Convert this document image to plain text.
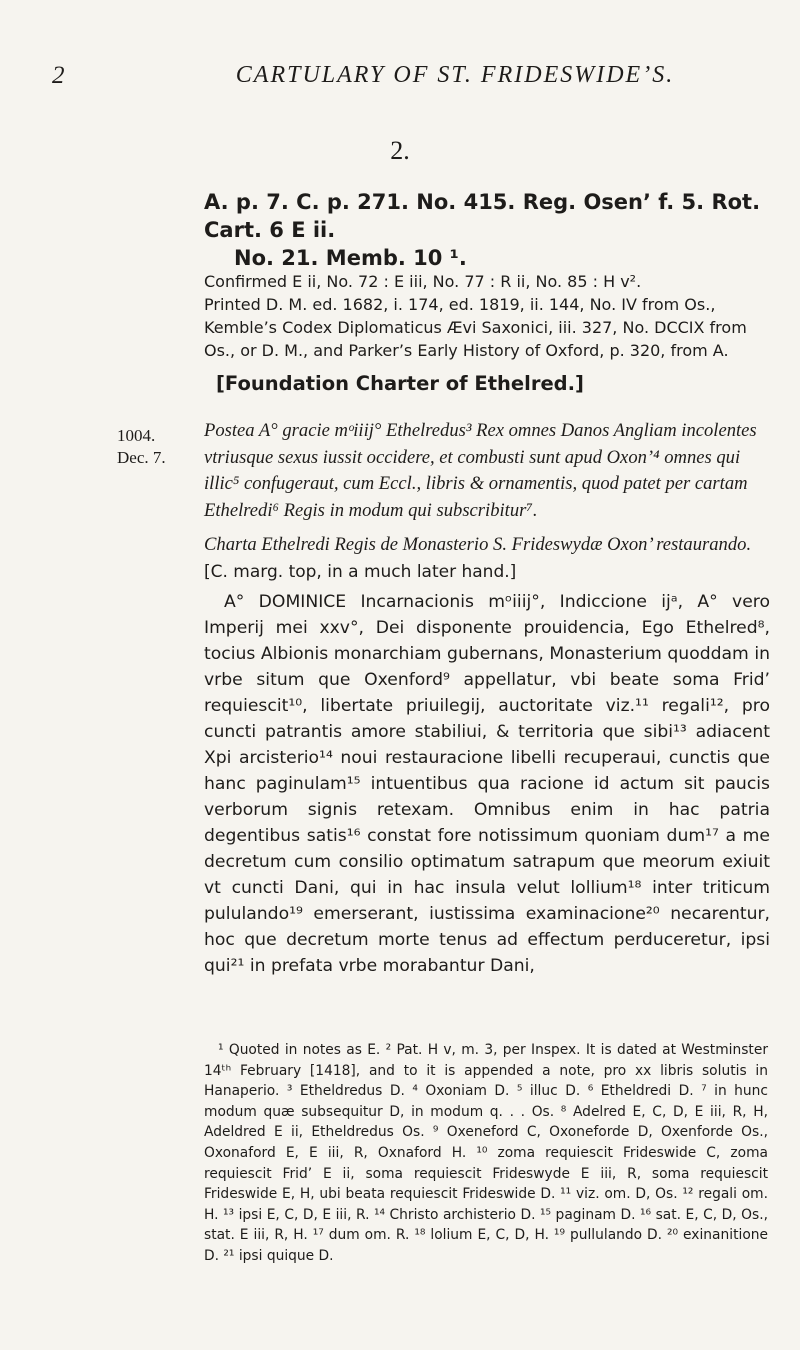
2	CARTULARY OF ST. FRIDESWIDE’S.
2.
A. p. 7. C. p. 271. No. 415. Reg. Osen’ f. 5. Rot. Cart. 6 E ii.
No. 21. Memb. 10 ¹.

Confirmed E ii, No. 72 : E iii, No. 77 : R ii, No. 85 : H v².

Printed D. M. ed. 1682, i. 174, ed. 1819, ii. 144, No. IV from Os., Kemble’s Codex Diplomaticus Ævi Saxonici, iii. 327, No. DCCIX from Os., or D. M., and Parker’s Early History of Oxford, p. 320, from A.

[Foundation Charter of Ethelred.]
1004.
Dec. 7.

Postea A° gracie mᵒiiij° Ethelredus³ Rex omnes Danos Angliam incolentes vtriusque sexus iussit occidere, et combusti sunt apud Oxon’⁴ omnes qui illic⁵ confugeraut, cum Eccl., libris & ornamentis, quod patet per cartam Ethelredi⁶ Regis in modum qui subscribitur⁷.

Charta Ethelredi Regis de Monasterio S. Frideswydæ Oxon’ restaurando. [C. marg. top, in a much later hand.]

A° DOMINICE Incarnacionis mᵒiiij°, Indiccione ijᵃ, A° vero Imperij mei xxv°, Dei disponente prouidencia, Ego Ethelred⁸, tocius Albionis monarchiam gubernans, Monasterium quoddam in vrbe situm que Oxenford⁹ appellatur, vbi beate soma Frid’ requiescit¹⁰, libertate priuilegij, auctoritate viz.¹¹ regali¹², pro cuncti patrantis amore stabiliui, & territoria que sibi¹³ adiacent Xpi arcisterio¹⁴ noui restauracione libelli recuperaui, cunctis que hanc paginulam¹⁵ intuentibus qua racione id actum sit paucis verborum signis retexam. Omnibus enim in hac patria degentibus satis¹⁶ constat fore notissimum quoniam dum¹⁷ a me decretum cum consilio optimatum satrapum que meorum exiuit vt cuncti Dani, qui in hac insula velut lollium¹⁸ inter triticum pululando¹⁹ emerserant, iustissima examinacione²⁰ necarentur, hoc que decretum morte tenus ad effectum perduceretur, ipsi qui²¹ in prefata vrbe morabantur Dani,

¹ Quoted in notes as E. ² Pat. H v, m. 3, per Inspex. It is dated at Westminster 14ᵗʰ February [1418], and to it is appended a note, pro xx libris solutis in Hanaperio. ³ Etheldredus D. ⁴ Oxoniam D. ⁵ illuc D. ⁶ Etheldredi D. ⁷ in hunc modum quæ subsequitur D, in modum q. . . Os. ⁸ Adelred E, C, D, E iii, R, H, Adeldred E ii, Etheldredus Os. ⁹ Oxeneford C, Oxoneforde D, Oxenforde Os., Oxonaford E, E iii, R, Oxnaford H. ¹⁰ zoma requiescit Frideswide C, zoma requiescit Frid’ E ii, soma requiescit Frideswyde E iii, R, soma requiescit Frideswide E, H, ubi beata requiescit Frideswide D. ¹¹ viz. om. D, Os. ¹² regali om. H. ¹³ ipsi E, C, D, E iii, R. ¹⁴ Christo archisterio D. ¹⁵ paginam D. ¹⁶ sat. E, C, D, Os., stat. E iii, R, H. ¹⁷ dum om. R. ¹⁸ lolium E, C, D, H. ¹⁹ pullulando D. ²⁰ exinanitione D. ²¹ ipsi quique D.
